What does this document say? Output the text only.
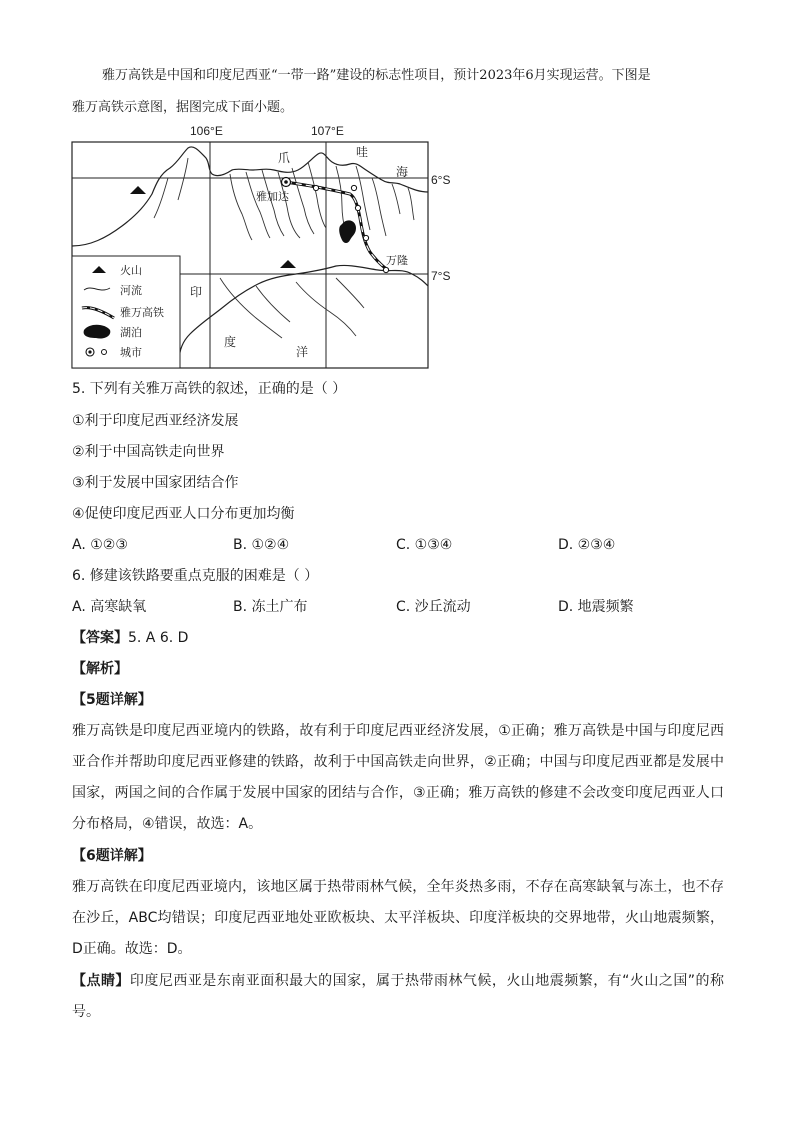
雅万高铁是中国和印度尼西亚“一带一路”建设的标志性项目，预计2023年6月实现运营。下图是

雅万高铁示意图，据图完成下面小题。

106°E	107°E
6°S
7°S
爪	哇
海
雅加达
万隆
印
度
洋
火山
河流
雅万高铁
湖泊
城市
5. 下列有关雅万高铁的叙述，正确的是（ ）
①利于印度尼西亚经济发展
②利于中国高铁走向世界
③利于发展中国家团结合作
④促使印度尼西亚人口分布更加均衡
A. ①②③	B. ①②④	C. ①③④	D. ②③④
6. 修建该铁路要重点克服的困难是（ ）
A. 高寒缺氧	B. 冻土广布	C. 沙丘流动	D. 地震频繁
【答案】5. A 6. D
【解析】
【5题详解】

雅万高铁是印度尼西亚境内的铁路，故有利于印度尼西亚经济发展，①正确；雅万高铁是中国与印度尼西亚合作并帮助印度尼西亚修建的铁路，故利于中国高铁走向世界，②正确；中国与印度尼西亚都是发展中国家，两国之间的合作属于发展中国家的团结与合作，③正确；雅万高铁的修建不会改变印度尼西亚人口分布格局，④错误，故选：A。

【6题详解】

雅万高铁在印度尼西亚境内，该地区属于热带雨林气候，全年炎热多雨，不存在高寒缺氧与冻土，也不存在沙丘，ABC均错误；印度尼西亚地处亚欧板块、太平洋板块、印度洋板块的交界地带，火山地震频繁，D正确。故选：D。

【点睛】印度尼西亚是东南亚面积最大的国家，属于热带雨林气候，火山地震频繁，有“火山之国”的称号。
